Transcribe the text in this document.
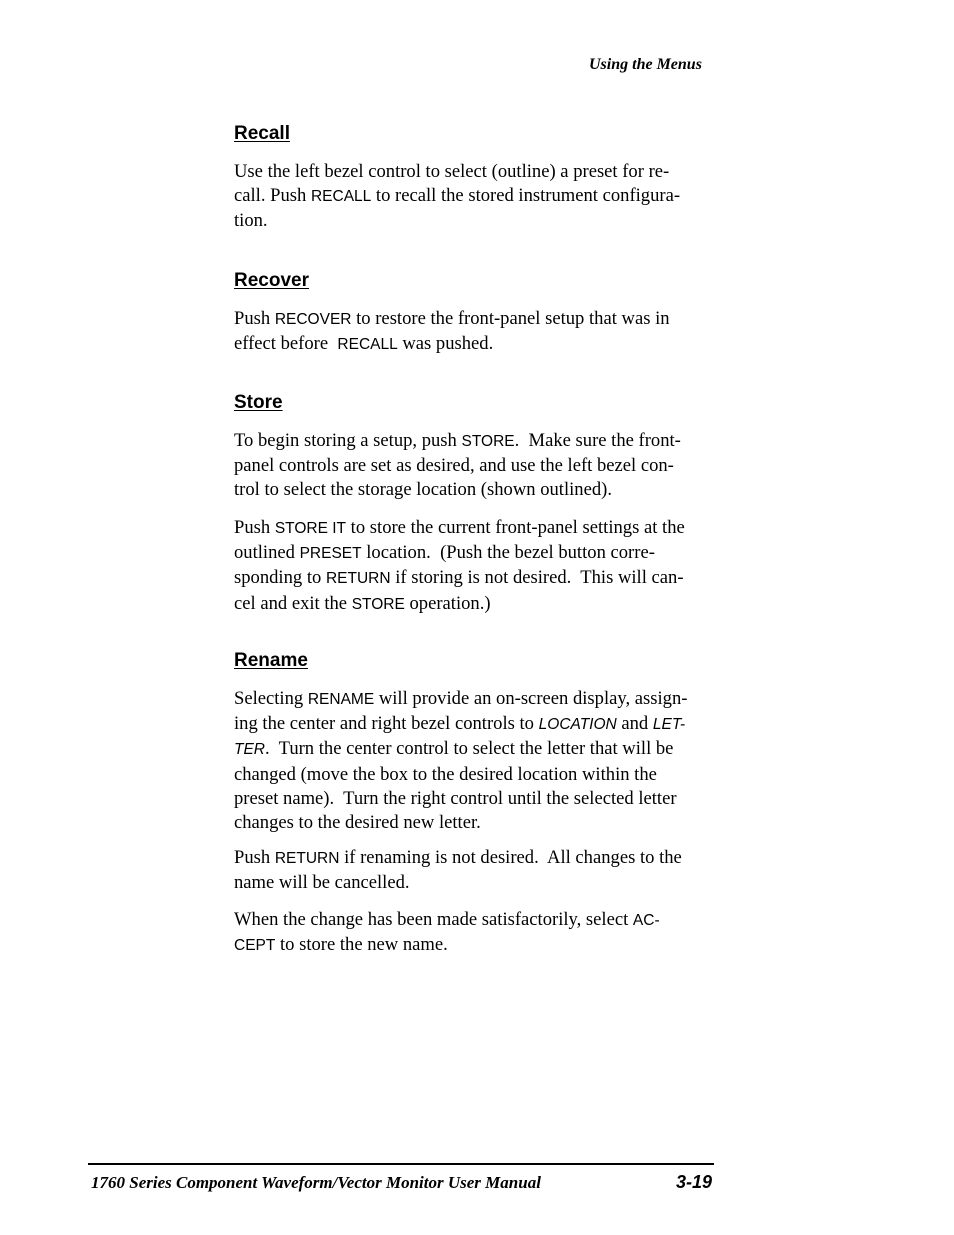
Using the Menus
Recall

Use the left bezel control to select (outline) a preset for re-
call. Push RECALL to recall the stored instrument configura-
tion.

Recover

Push RECOVER to restore the front-panel setup that was in
effect before  RECALL was pushed.

Store

To begin storing a setup, push STORE.  Make sure the front-
panel controls are set as desired, and use the left bezel con-
trol to select the storage location (shown outlined).

Push STORE IT to store the current front-panel settings at the
outlined PRESET location.  (Push the bezel button corre-
sponding to RETURN if storing is not desired.  This will can-
cel and exit the STORE operation.)

Rename

Selecting RENAME will provide an on-screen display, assign-
ing the center and right bezel controls to LOCATION and LET-
TER.  Turn the center control to select the letter that will be
changed (move the box to the desired location within the
preset name).  Turn the right control until the selected letter
changes to the desired new letter.

Push RETURN if renaming is not desired.  All changes to the
name will be cancelled.

When the change has been made satisfactorily, select AC-
CEPT to store the new name.

1760 Series Component Waveform/Vector Monitor User Manual	3-19
